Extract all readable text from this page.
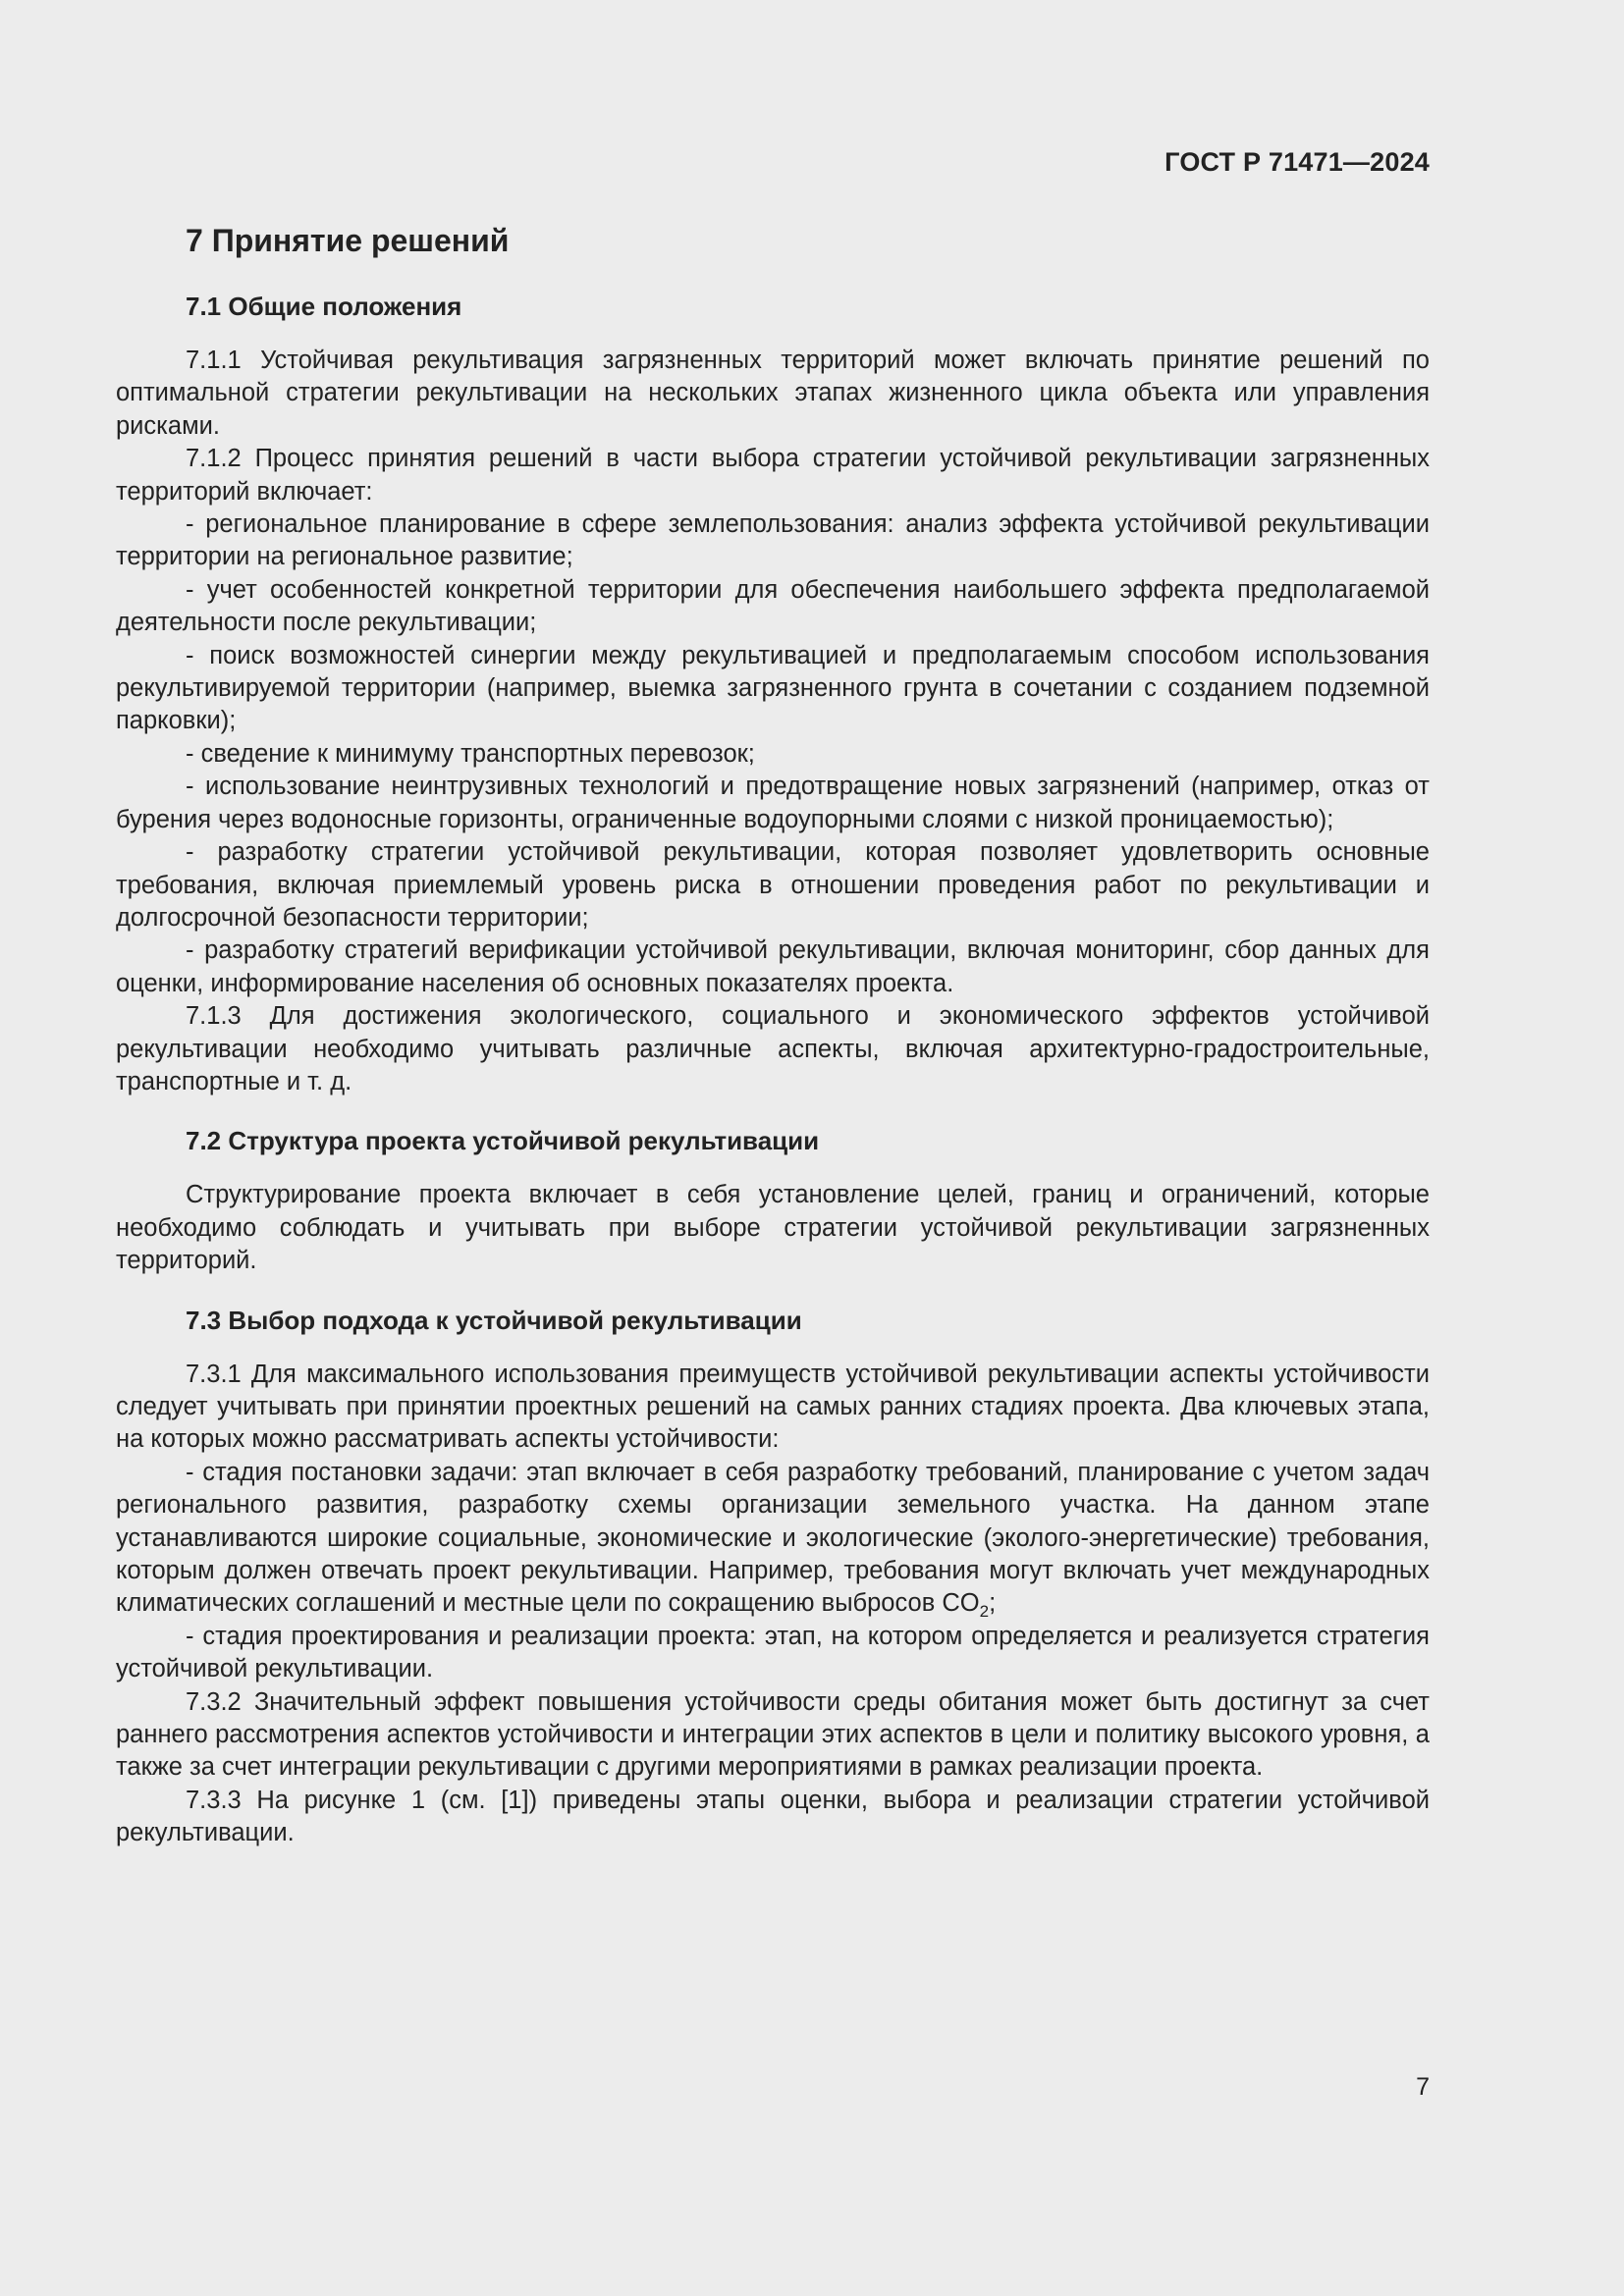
ГОСТ Р 71471—2024
7 Принятие решений
7.1 Общие положения

7.1.1 Устойчивая рекультивация загрязненных территорий может включать принятие решений по оптимальной стратегии рекультивации на нескольких этапах жизненного цикла объекта или управления рисками.

7.1.2 Процесс принятия решений в части выбора стратегии устойчивой рекультивации загрязненных территорий включает:

- региональное планирование в сфере землепользования: анализ эффекта устойчивой рекультивации территории на региональное развитие;

- учет особенностей конкретной территории для обеспечения наибольшего эффекта предполагаемой деятельности после рекультивации;

- поиск возможностей синергии между рекультивацией и предполагаемым способом использования рекультивируемой территории (например, выемка загрязненного грунта в сочетании с созданием подземной парковки);

- сведение к минимуму транспортных перевозок;

- использование неинтрузивных технологий и предотвращение новых загрязнений (например, отказ от бурения через водоносные горизонты, ограниченные водоупорными слоями с низкой проницаемостью);

- разработку стратегии устойчивой рекультивации, которая позволяет удовлетворить основные требования, включая приемлемый уровень риска в отношении проведения работ по рекультивации и долгосрочной безопасности территории;

- разработку стратегий верификации устойчивой рекультивации, включая мониторинг, сбор данных для оценки, информирование населения об основных показателях проекта.

7.1.3 Для достижения экологического, социального и экономического эффектов устойчивой рекультивации необходимо учитывать различные аспекты, включая архитектурно-градостроительные, транспортные и т. д.

7.2 Структура проекта устойчивой рекультивации

Структурирование проекта включает в себя установление целей, границ и ограничений, которые необходимо соблюдать и учитывать при выборе стратегии устойчивой рекультивации загрязненных территорий.

7.3 Выбор подхода к устойчивой рекультивации

7.3.1 Для максимального использования преимуществ устойчивой рекультивации аспекты устойчивости следует учитывать при принятии проектных решений на самых ранних стадиях проекта. Два ключевых этапа, на которых можно рассматривать аспекты устойчивости:

- стадия постановки задачи: этап включает в себя разработку требований, планирование с учетом задач регионального развития, разработку схемы организации земельного участка. На данном этапе устанавливаются широкие социальные, экономические и экологические (эколого-энергетические) требования, которым должен отвечать проект рекультивации. Например, требования могут включать учет международных климатических соглашений и местные цели по сокращению выбросов $CO_2$;

- стадия проектирования и реализации проекта: этап, на котором определяется и реализуется стратегия устойчивой рекультивации.

7.3.2 Значительный эффект повышения устойчивости среды обитания может быть достигнут за счет раннего рассмотрения аспектов устойчивости и интеграции этих аспектов в цели и политику высокого уровня, а также за счет интеграции рекультивации с другими мероприятиями в рамках реализации проекта.

7.3.3 На рисунке 1 (см. [1]) приведены этапы оценки, выбора и реализации стратегии устойчивой рекультивации.

7
